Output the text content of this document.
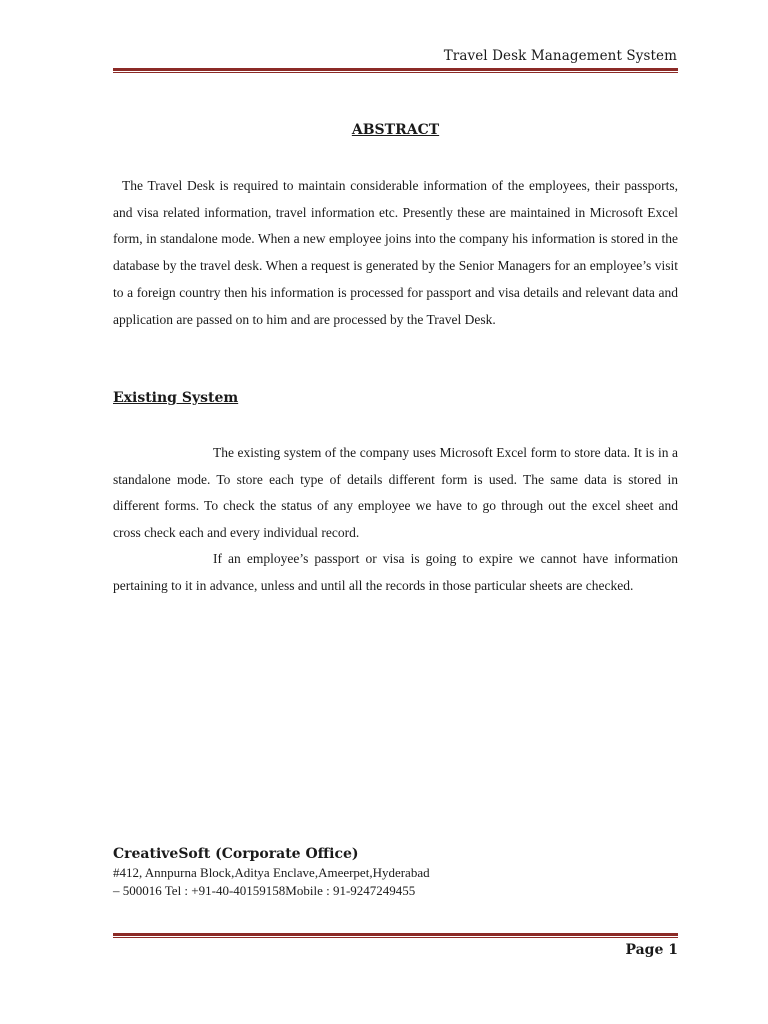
Travel Desk Management System
ABSTRACT

The Travel Desk is required to maintain considerable information of the employees, their passports, and visa related information, travel information etc. Presently these are maintained in Microsoft Excel form, in standalone mode. When a new employee joins into the company his information is stored in the database by the travel desk. When a request is generated by the Senior Managers for an employee’s visit to a foreign country then his information is processed for passport and visa details and relevant data and application are passed on to him and are processed by the Travel Desk.

Existing System

The existing system of the company uses Microsoft Excel form to store data. It is in a standalone mode. To store each type of details different form is used. The same data is stored in different forms. To check the status of any employee we have to go through out the excel sheet and cross check each and every individual record.

If an employee’s passport or visa is going to expire we cannot have information pertaining to it in advance, unless and until all the records in those particular sheets are checked.

CreativeSoft (Corporate Office)
#412, Annpurna Block,Aditya Enclave,Ameerpet,Hyderabad
– 500016 Tel : +91-40-40159158Mobile : 91-9247249455
Page 1
